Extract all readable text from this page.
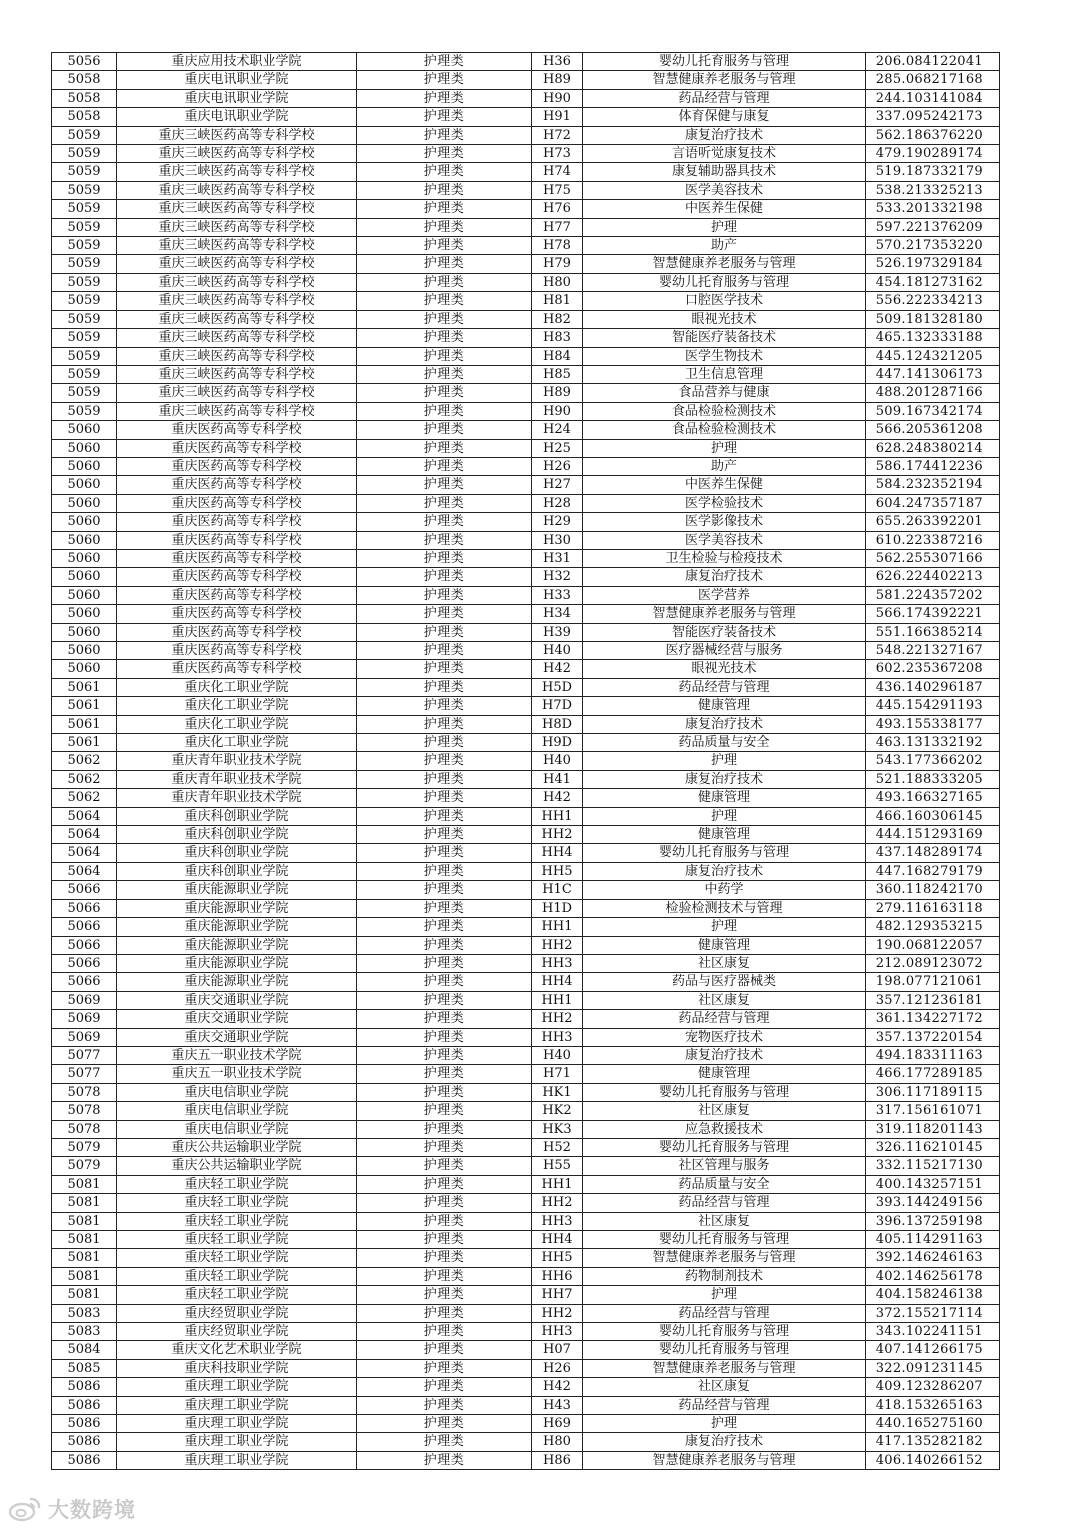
5056	重庆应用技术职业学院	护理类	H36	婴幼儿托育服务与管理	206.084122041
5058	重庆电讯职业学院	护理类	H89	智慧健康养老服务与管理	285.068217168
5058	重庆电讯职业学院	护理类	H90	药品经营与管理	244.103141084
5058	重庆电讯职业学院	护理类	H91	体育保健与康复	337.095242173
5059	重庆三峡医药高等专科学校	护理类	H72	康复治疗技术	562.186376220
5059	重庆三峡医药高等专科学校	护理类	H73	言语听觉康复技术	479.190289174
5059	重庆三峡医药高等专科学校	护理类	H74	康复辅助器具技术	519.187332179
5059	重庆三峡医药高等专科学校	护理类	H75	医学美容技术	538.213325213
5059	重庆三峡医药高等专科学校	护理类	H76	中医养生保健	533.201332198
5059	重庆三峡医药高等专科学校	护理类	H77	护理	597.221376209
5059	重庆三峡医药高等专科学校	护理类	H78	助产	570.217353220
5059	重庆三峡医药高等专科学校	护理类	H79	智慧健康养老服务与管理	526.197329184
5059	重庆三峡医药高等专科学校	护理类	H80	婴幼儿托育服务与管理	454.181273162
5059	重庆三峡医药高等专科学校	护理类	H81	口腔医学技术	556.222334213
5059	重庆三峡医药高等专科学校	护理类	H82	眼视光技术	509.181328180
5059	重庆三峡医药高等专科学校	护理类	H83	智能医疗装备技术	465.132333188
5059	重庆三峡医药高等专科学校	护理类	H84	医学生物技术	445.124321205
5059	重庆三峡医药高等专科学校	护理类	H85	卫生信息管理	447.141306173
5059	重庆三峡医药高等专科学校	护理类	H89	食品营养与健康	488.201287166
5059	重庆三峡医药高等专科学校	护理类	H90	食品检验检测技术	509.167342174
5060	重庆医药高等专科学校	护理类	H24	食品检验检测技术	566.205361208
5060	重庆医药高等专科学校	护理类	H25	护理	628.248380214
5060	重庆医药高等专科学校	护理类	H26	助产	586.174412236
5060	重庆医药高等专科学校	护理类	H27	中医养生保健	584.232352194
5060	重庆医药高等专科学校	护理类	H28	医学检验技术	604.247357187
5060	重庆医药高等专科学校	护理类	H29	医学影像技术	655.263392201
5060	重庆医药高等专科学校	护理类	H30	医学美容技术	610.223387216
5060	重庆医药高等专科学校	护理类	H31	卫生检验与检疫技术	562.255307166
5060	重庆医药高等专科学校	护理类	H32	康复治疗技术	626.224402213
5060	重庆医药高等专科学校	护理类	H33	医学营养	581.224357202
5060	重庆医药高等专科学校	护理类	H34	智慧健康养老服务与管理	566.174392221
5060	重庆医药高等专科学校	护理类	H39	智能医疗装备技术	551.166385214
5060	重庆医药高等专科学校	护理类	H40	医疗器械经营与服务	548.221327167
5060	重庆医药高等专科学校	护理类	H42	眼视光技术	602.235367208
5061	重庆化工职业学院	护理类	H5D	药品经营与管理	436.140296187
5061	重庆化工职业学院	护理类	H7D	健康管理	445.154291193
5061	重庆化工职业学院	护理类	H8D	康复治疗技术	493.155338177
5061	重庆化工职业学院	护理类	H9D	药品质量与安全	463.131332192
5062	重庆青年职业技术学院	护理类	H40	护理	543.177366202
5062	重庆青年职业技术学院	护理类	H41	康复治疗技术	521.188333205
5062	重庆青年职业技术学院	护理类	H42	健康管理	493.166327165
5064	重庆科创职业学院	护理类	HH1	护理	466.160306145
5064	重庆科创职业学院	护理类	HH2	健康管理	444.151293169
5064	重庆科创职业学院	护理类	HH4	婴幼儿托育服务与管理	437.148289174
5064	重庆科创职业学院	护理类	HH5	康复治疗技术	447.168279179
5066	重庆能源职业学院	护理类	H1C	中药学	360.118242170
5066	重庆能源职业学院	护理类	H1D	检验检测技术与管理	279.116163118
5066	重庆能源职业学院	护理类	HH1	护理	482.129353215
5066	重庆能源职业学院	护理类	HH2	健康管理	190.068122057
5066	重庆能源职业学院	护理类	HH3	社区康复	212.089123072
5066	重庆能源职业学院	护理类	HH4	药品与医疗器械类	198.077121061
5069	重庆交通职业学院	护理类	HH1	社区康复	357.121236181
5069	重庆交通职业学院	护理类	HH2	药品经营与管理	361.134227172
5069	重庆交通职业学院	护理类	HH3	宠物医疗技术	357.137220154
5077	重庆五一职业技术学院	护理类	H40	康复治疗技术	494.183311163
5077	重庆五一职业技术学院	护理类	H71	健康管理	466.177289185
5078	重庆电信职业学院	护理类	HK1	婴幼儿托育服务与管理	306.117189115
5078	重庆电信职业学院	护理类	HK2	社区康复	317.156161071
5078	重庆电信职业学院	护理类	HK3	应急救援技术	319.118201143
5079	重庆公共运输职业学院	护理类	H52	婴幼儿托育服务与管理	326.116210145
5079	重庆公共运输职业学院	护理类	H55	社区管理与服务	332.115217130
5081	重庆轻工职业学院	护理类	HH1	药品质量与安全	400.143257151
5081	重庆轻工职业学院	护理类	HH2	药品经营与管理	393.144249156
5081	重庆轻工职业学院	护理类	HH3	社区康复	396.137259198
5081	重庆轻工职业学院	护理类	HH4	婴幼儿托育服务与管理	405.114291163
5081	重庆轻工职业学院	护理类	HH5	智慧健康养老服务与管理	392.146246163
5081	重庆轻工职业学院	护理类	HH6	药物制剂技术	402.146256178
5081	重庆轻工职业学院	护理类	HH7	护理	404.158246138
5083	重庆经贸职业学院	护理类	HH2	药品经营与管理	372.155217114
5083	重庆经贸职业学院	护理类	HH3	婴幼儿托育服务与管理	343.102241151
5084	重庆文化艺术职业学院	护理类	H07	婴幼儿托育服务与管理	407.141266175
5085	重庆科技职业学院	护理类	H26	智慧健康养老服务与管理	322.091231145
5086	重庆理工职业学院	护理类	H42	社区康复	409.123286207
5086	重庆理工职业学院	护理类	H43	药品经营与管理	418.153265163
5086	重庆理工职业学院	护理类	H69	护理	440.165275160
5086	重庆理工职业学院	护理类	H80	康复治疗技术	417.135282182
5086	重庆理工职业学院	护理类	H86	智慧健康养老服务与管理	406.140266152
大数跨境
